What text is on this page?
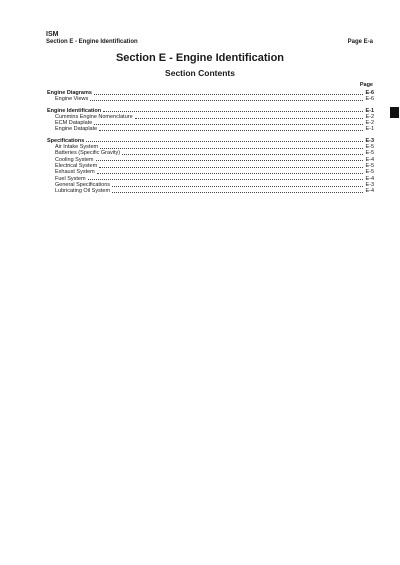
ISM
Section E - Engine Identification	Page E-a
Section E - Engine Identification
Section Contents
Page
Engine Diagrams	E-6
Engine Views	E-6
Engine Identification	E-1
Cummins Engine Nomenclature	E-2
ECM Dataplate	E-2
Engine Dataplate	E-1
Specifications	E-3
Air Intake System	E-5
Batteries (Specific Gravity)	E-5
Cooling System	E-4
Electrical System	E-5
Exhaust System	E-5
Fuel System	E-4
General Specifications	E-3
Lubricating Oil System	E-4
